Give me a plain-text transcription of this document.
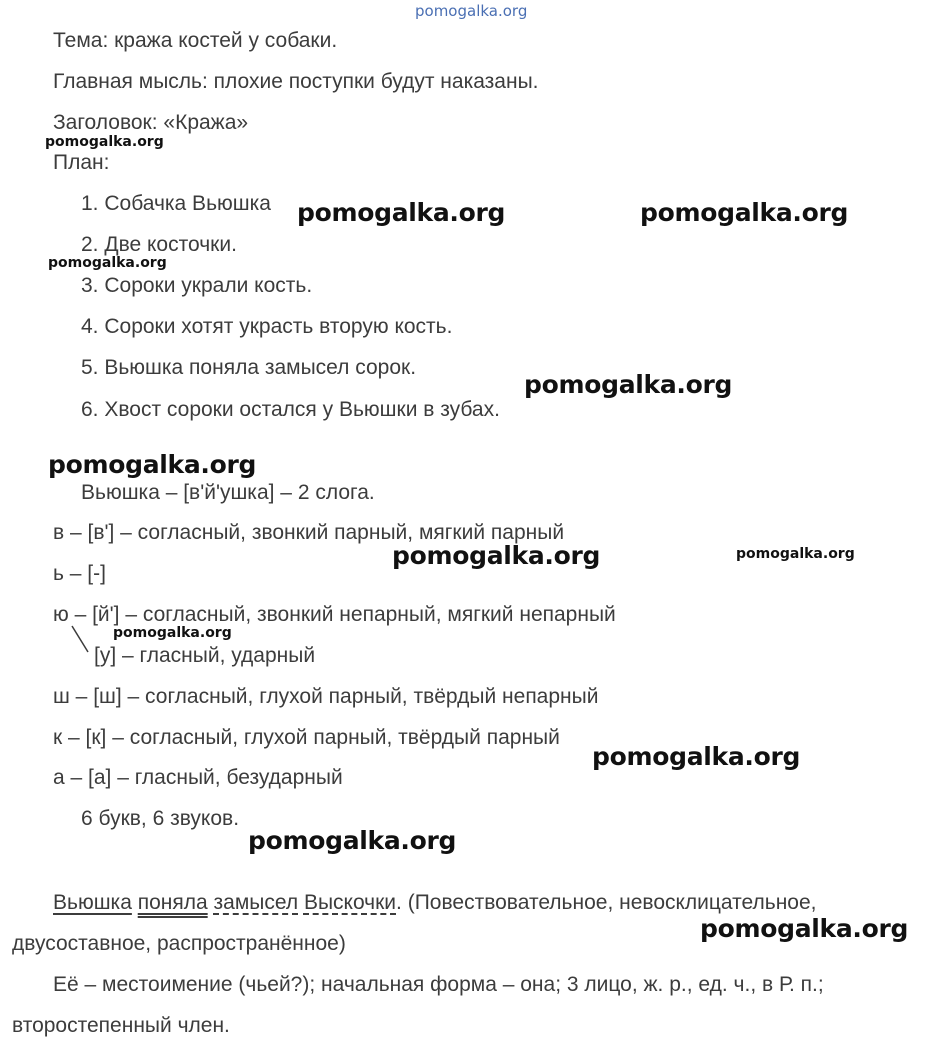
pomogalka.org
Тема: кража костей у собаки.
Главная мысль: плохие поступки будут наказаны.
Заголовок: «Кража»
План:
1. Собачка Вьюшка
2. Две косточки.
3. Сороки украли кость.
4. Сороки хотят украсть вторую кость.
5. Вьюшка поняла замысел сорок.
6. Хвост сороки остался у Вьюшки в зубах.
Вьюшка – [в'й'ушка] – 2 слога.
в – [в'] – согласный, звонкий парный, мягкий парный
ь – [-]
ю – [й'] – согласный, звонкий непарный, мягкий непарный
[у] – гласный, ударный
ш – [ш] – согласный, глухой парный, твёрдый непарный
к – [к] – согласный, глухой парный, твёрдый парный
а – [а] – гласный, безударный
6 букв, 6 звуков.
Вьюшка поняла замысел Выскочки. (Повествовательное, невосклицательное,
двусоставное, распространённое)
Её – местоимение (чьей?); начальная форма – она; 3 лицо, ж. р., ед. ч., в Р. п.;
второстепенный член.
pomogalka.org
pomogalka.org	pomogalka.org
pomogalka.org
pomogalka.org
pomogalka.org
pomogalka.org	pomogalka.org
pomogalka.org
pomogalka.org
pomogalka.org
pomogalka.org
